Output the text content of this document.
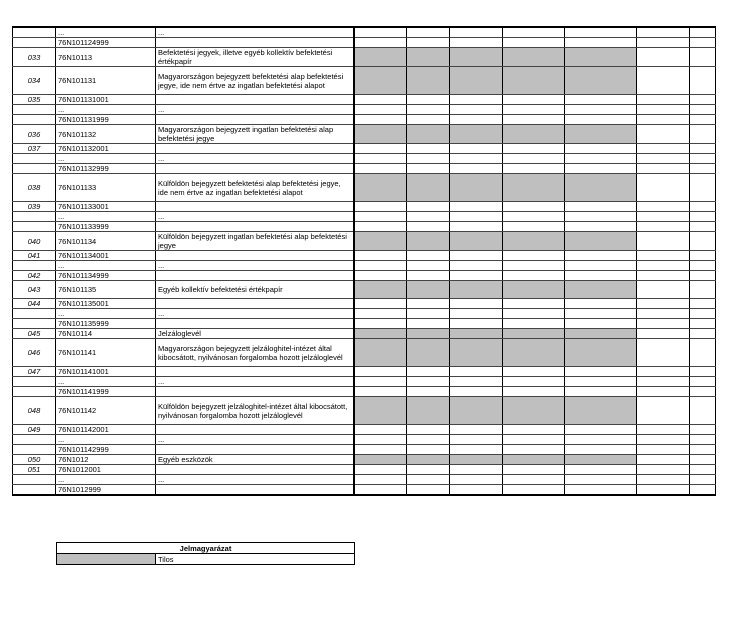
	...	...							
	76N101124999								
033	76N10113	Befektetési jegyek, illetve egyéb kollektív befektetési értékpapír							
034	76N101131	Magyarországon bejegyzett befektetési alap befektetési jegye, ide nem értve az ingatlan befektetési alapot							
035	76N101131001								
	...	...							
	76N101131999								
036	76N101132	Magyarországon bejegyzett ingatlan befektetési alap befektetési jegye							
037	76N101132001								
	...	...							
	76N101132999								
038	76N101133	Külföldön bejegyzett befektetési alap befektetési jegye, ide nem értve az ingatlan befektetési alapot							
039	76N101133001								
	...	...							
	76N101133999								
040	76N101134	Külföldön bejegyzett ingatlan befektetési alap befektetési jegye							
041	76N101134001								
	...	...							
042	76N101134999								
043	76N101135	Egyéb kollektív befektetési értékpapír							
044	76N101135001								
	...	...							
	76N101135999								
045	76N10114	Jelzáloglevél							
046	76N101141	Magyarországon bejegyzett jelzáloghitel-intézet által kibocsátott, nyilvánosan forgalomba hozott jelzáloglevél							
047	76N101141001								
	...	...							
	76N101141999								
048	76N101142	Külföldön bejegyzett jelzáloghitel-intézet által kibocsátott, nyilvánosan forgalomba hozott jelzáloglevél							
049	76N101142001								
	...	...							
	76N101142999								
050	76N1012	Egyéb eszközök							
051	76N1012001								
	...	...							
	76N1012999								
Jelmagyarázat
	Tilos
